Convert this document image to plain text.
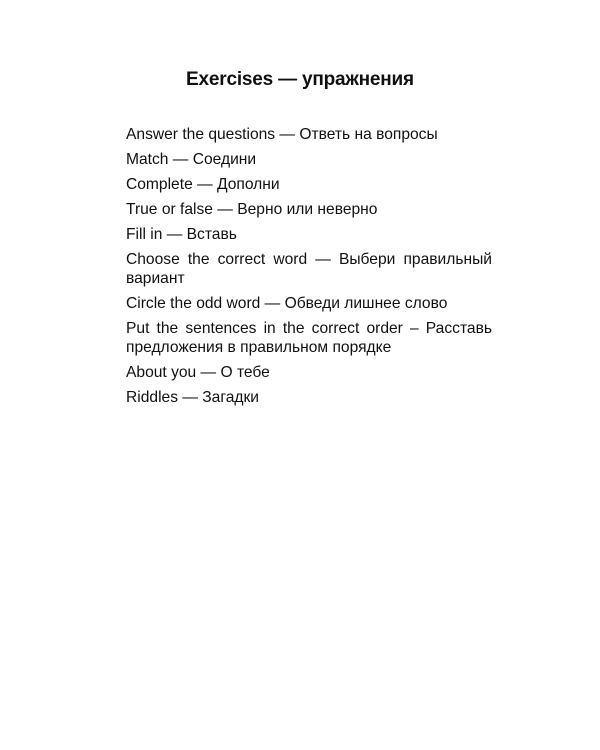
Exercises — упражнения
Answer the questions — Ответь на вопросы
Match — Соедини
Complete — Дополни
True or false — Верно или неверно
Fill in — Вставь
Choose the correct word — Выбери правильный вариант
Circle the odd word — Обведи лишнее слово
Put the sentences in the correct order – Расставь предложения в правильном порядке
About you — О тебе
Riddles — Загадки
